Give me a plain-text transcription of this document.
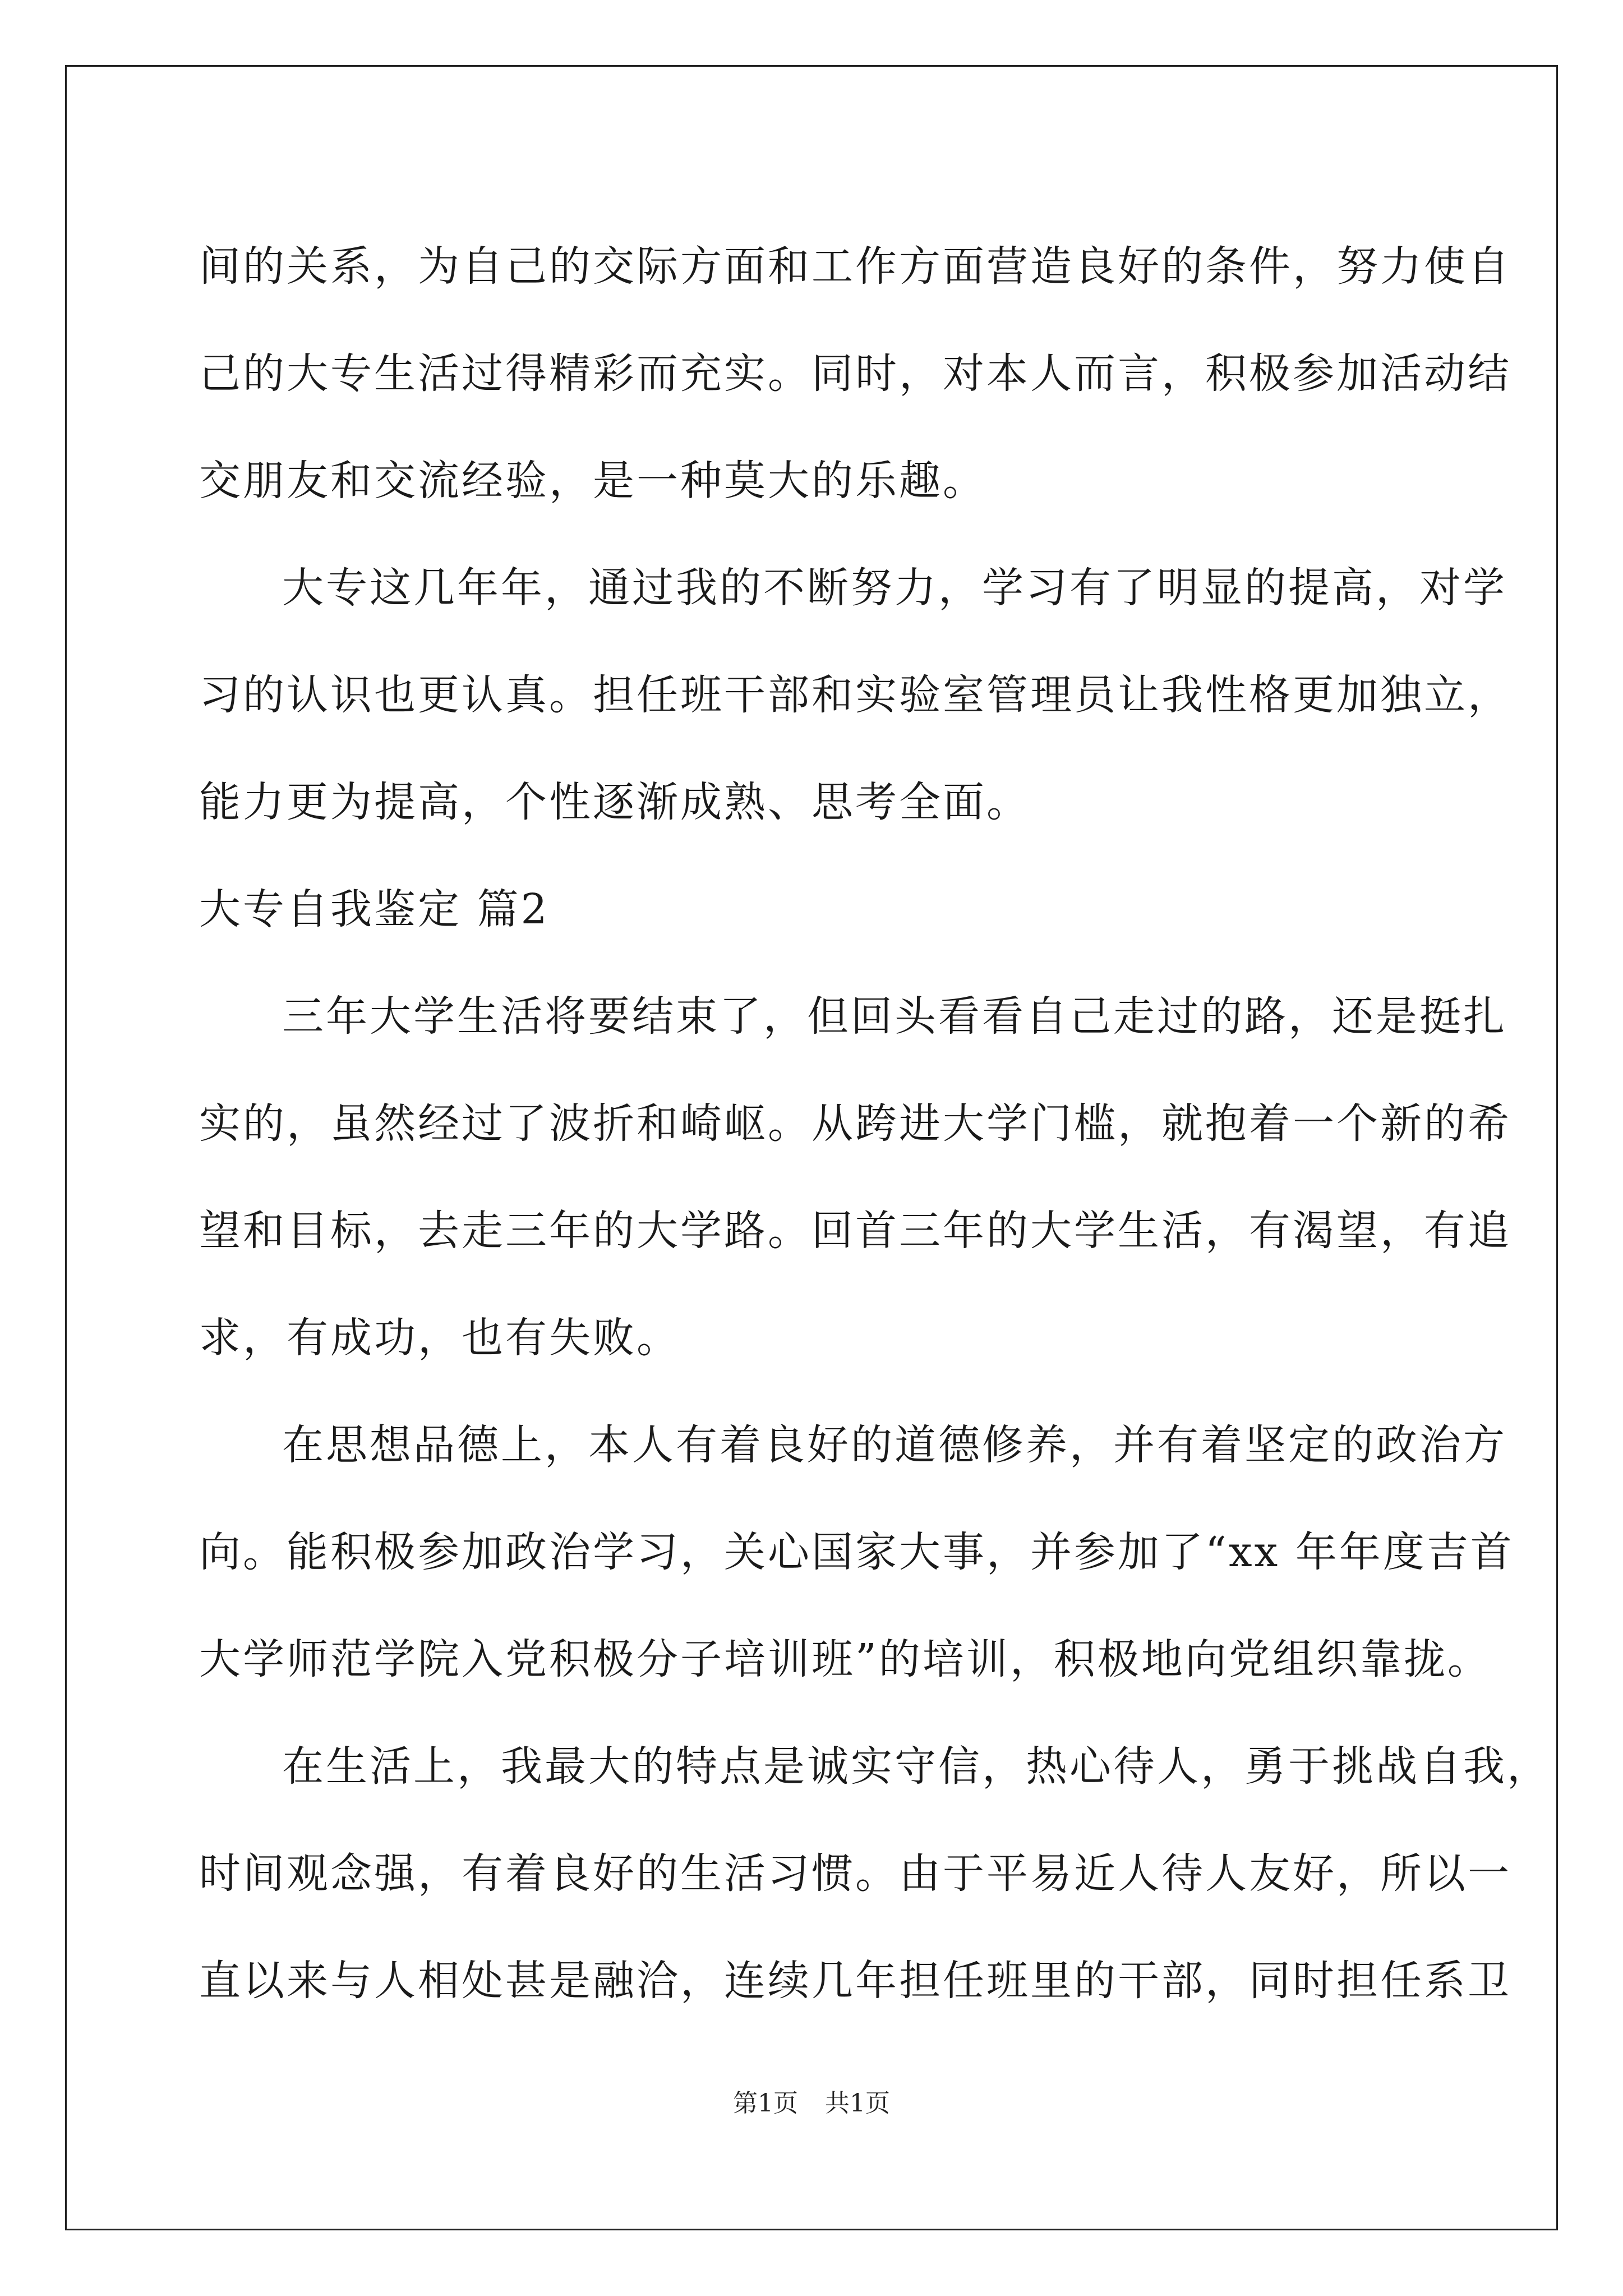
间的关系，为自己的交际方面和工作方面营造良好的条件，努力使自
己的大专生活过得精彩而充实。同时，对本人而言，积极参加活动结
交朋友和交流经验，是一种莫大的乐趣。
大专这几年年，通过我的不断努力，学习有了明显的提高，对学
习的认识也更认真。担任班干部和实验室管理员让我性格更加独立，
能力更为提高，个性逐渐成熟、思考全面。
大专自我鉴定 篇2
三年大学生活将要结束了，但回头看看自己走过的路，还是挺扎
实的，虽然经过了波折和崎岖。从跨进大学门槛，就抱着一个新的希
望和目标，去走三年的大学路。回首三年的大学生活，有渴望，有追
求，有成功，也有失败。
在思想品德上，本人有着良好的道德修养，并有着坚定的政治方
向。能积极参加政治学习，关心国家大事，并参加了“xx 年年度吉首
大学师范学院入党积极分子培训班”的培训，积极地向党组织靠拢。
在生活上，我最大的特点是诚实守信，热心待人，勇于挑战自我，
时间观念强，有着良好的生活习惯。由于平易近人待人友好，所以一
直以来与人相处甚是融洽，连续几年担任班里的干部，同时担任系卫
第1页 共1页
